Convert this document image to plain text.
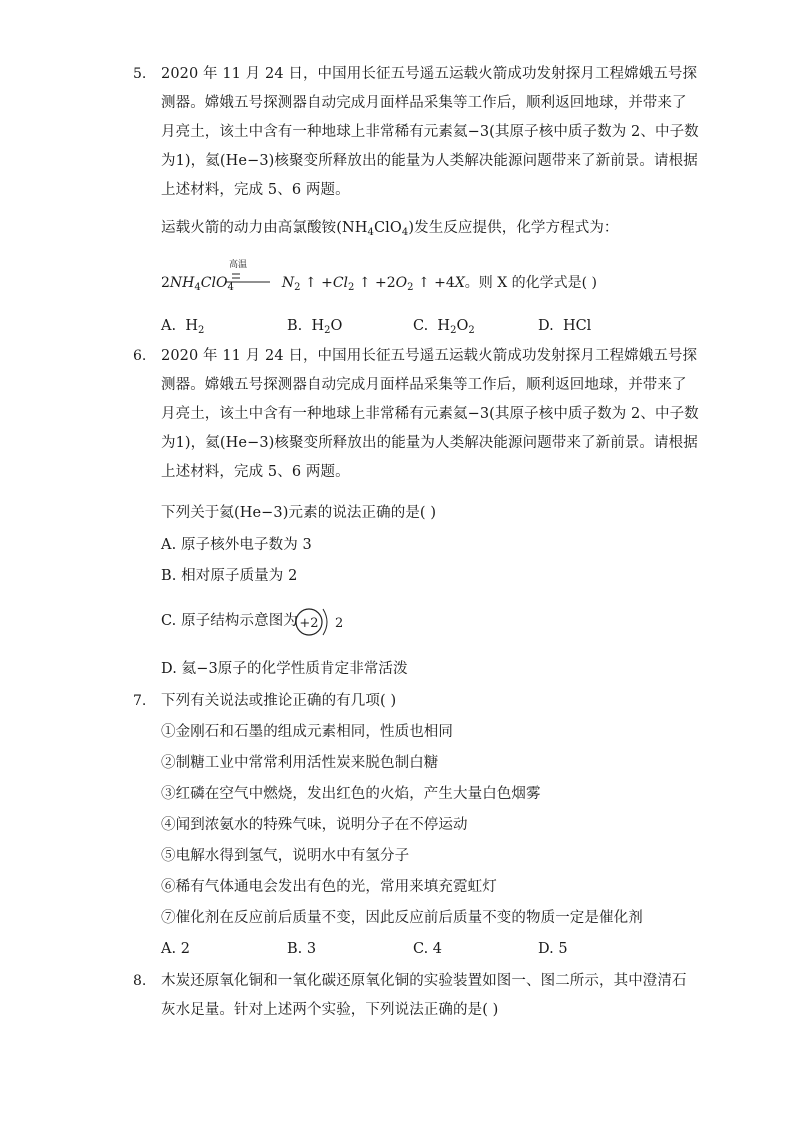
5. 2020 年 11 月 24 日，中国用长征五号遥五运载火箭成功发射探月工程嫦娥五号探
测器。嫦娥五号探测器自动完成月面样品采集等工作后，顺利返回地球，并带来了
月亮土，该土中含有一种地球上非常稀有元素氦−3(其原子核中质子数为 2、中子数
为1)，氦(He−3)核聚变所释放出的能量为人类解决能源问题带来了新前景。请根据
上述材料，完成 5、6 两题。
运载火箭的动力由高氯酸铵$(NH_4ClO_4)$发生反应提供，化学方程式为：
高温
$2NH_4ClO_4$	$N_2$ ↑ $+Cl_2$ ↑ $+2O_2$ ↑ +4X。则 X 的化学式是( )
A. $H_2$	B. $H_2O$	C. $H_2O_2$	D. HCl
6. 2020 年 11 月 24 日，中国用长征五号遥五运载火箭成功发射探月工程嫦娥五号探
测器。嫦娥五号探测器自动完成月面样品采集等工作后，顺利返回地球，并带来了
月亮土，该土中含有一种地球上非常稀有元素氦−3(其原子核中质子数为 2、中子数
为1)，氦(He−3)核聚变所释放出的能量为人类解决能源问题带来了新前景。请根据
上述材料，完成 5、6 两题。
下列关于氦(He−3)元素的说法正确的是( )
A. 原子核外电子数为 3
B. 相对原子质量为 2
C. 原子结构示意图为 +2 2
D. 氦−3原子的化学性质肯定非常活泼
7. 下列有关说法或推论正确的有几项( )
①金刚石和石墨的组成元素相同，性质也相同
②制糖工业中常常利用活性炭来脱色制白糖
③红磷在空气中燃烧，发出红色的火焰，产生大量白色烟雾
④闻到浓氨水的特殊气味，说明分子在不停运动
⑤电解水得到氢气，说明水中有氢分子
⑥稀有气体通电会发出有色的光，常用来填充霓虹灯
⑦催化剂在反应前后质量不变，因此反应前后质量不变的物质一定是催化剂
A. 2	B. 3	C. 4	D. 5
8. 木炭还原氧化铜和一氧化碳还原氧化铜的实验装置如图一、图二所示，其中澄清石
灰水足量。针对上述两个实验，下列说法正确的是( )
